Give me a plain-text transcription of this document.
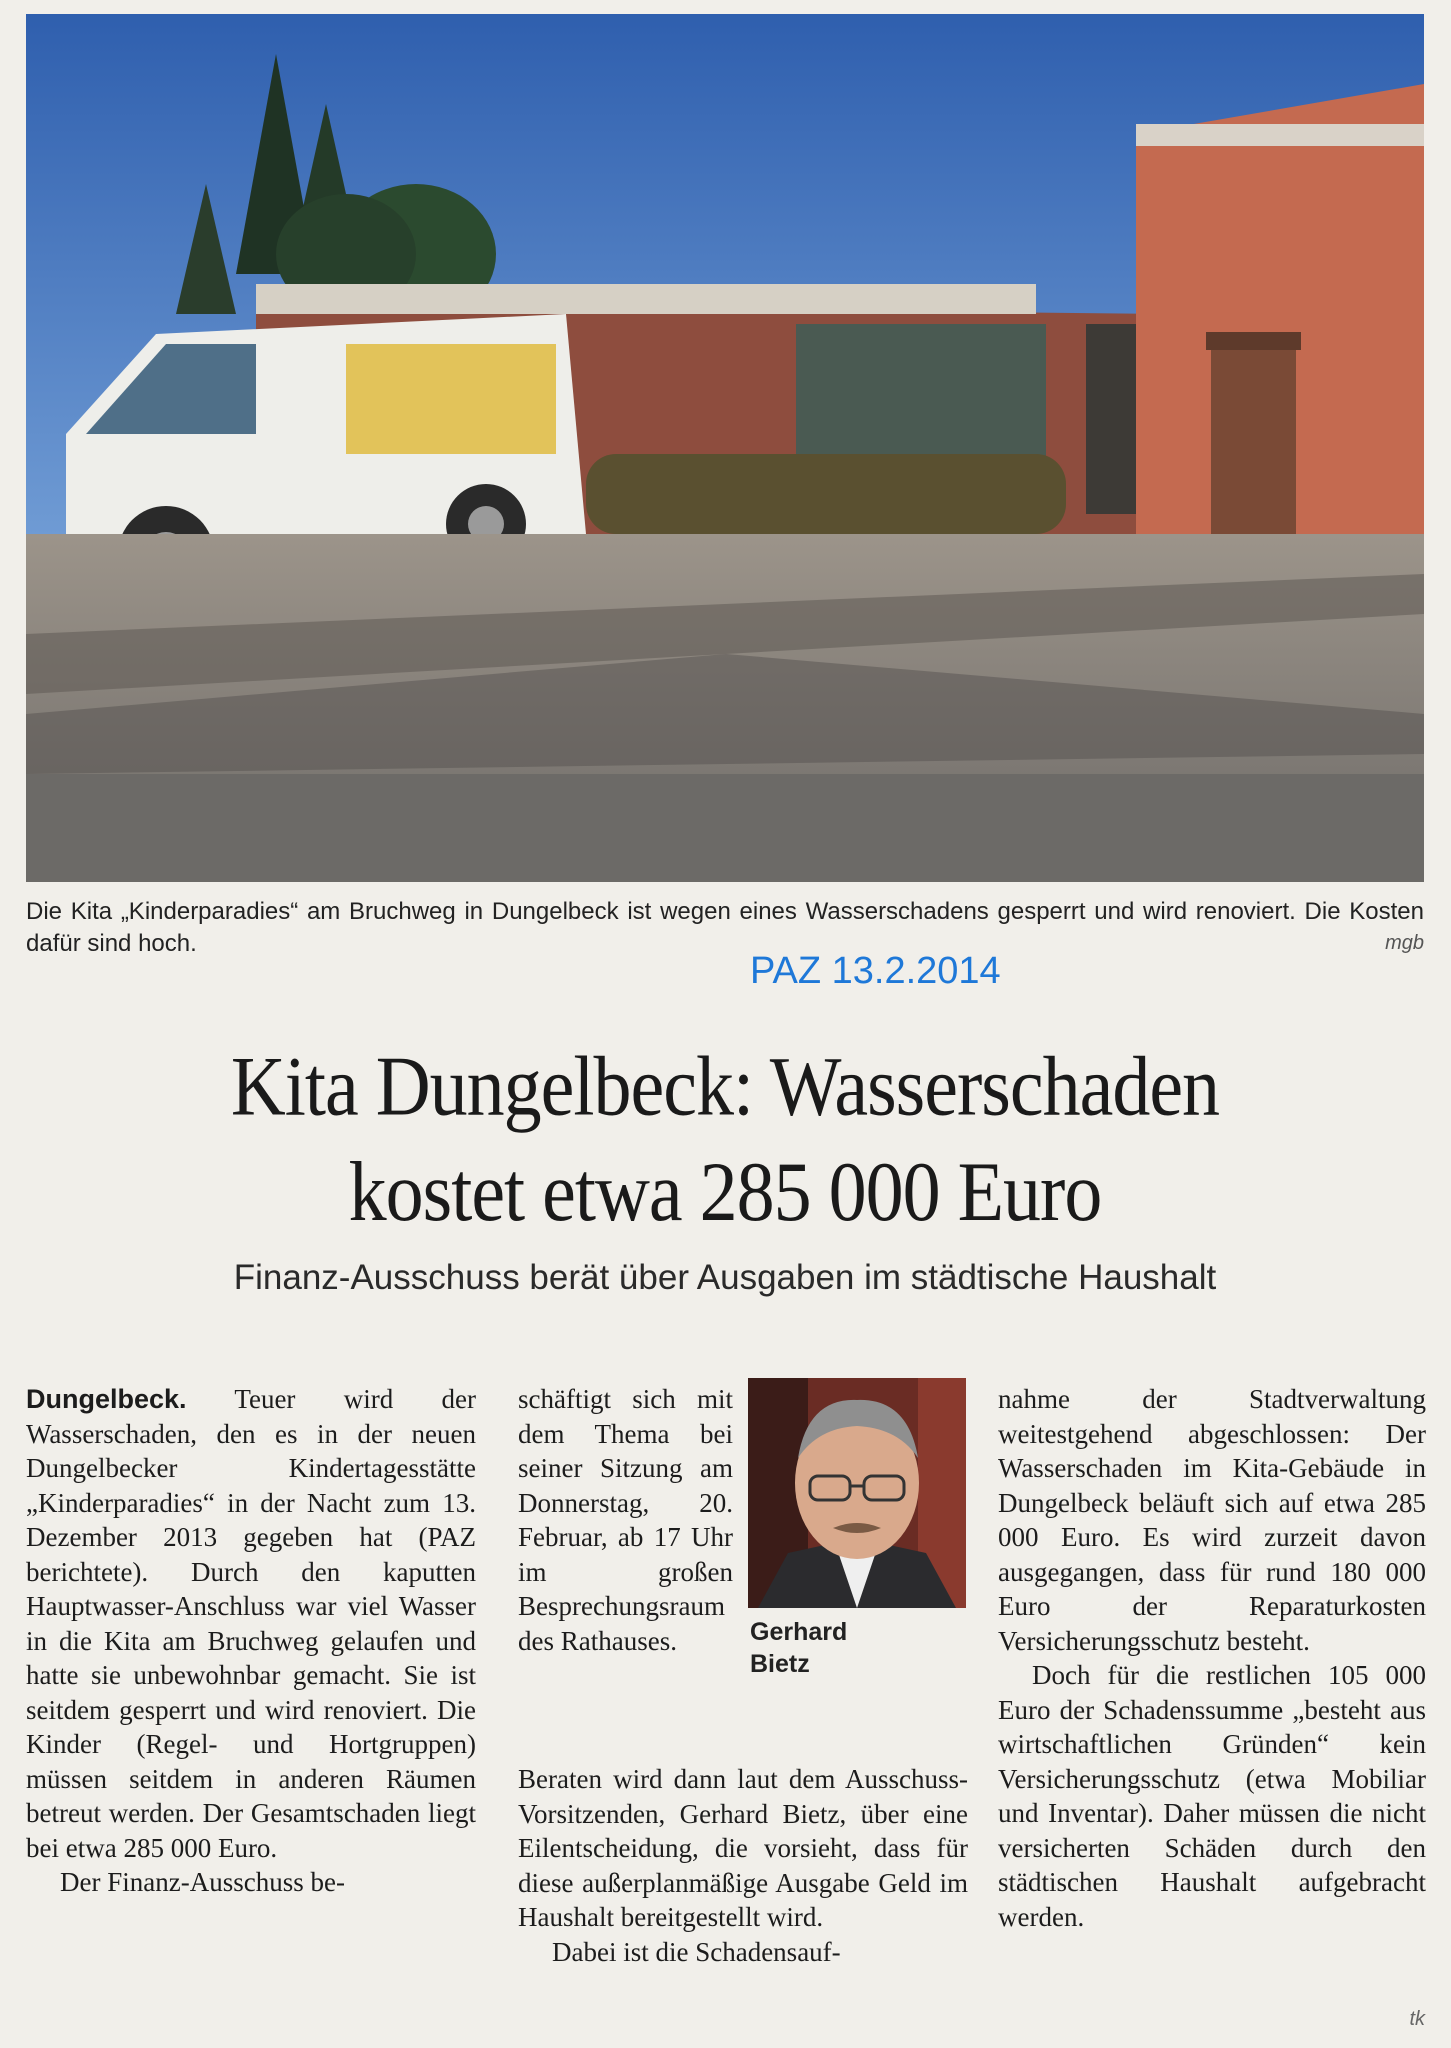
Die Kita „Kinderparadies“ am Bruchweg in Dungelbeck ist wegen eines Wasserschadens gesperrt und wird renoviert. Die Kosten dafür sind hoch.	mgb
PAZ 13.2.2014
Kita Dungelbeck: Wasserschaden
kostet etwa 285 000 Euro
Finanz-Ausschuss berät über Ausgaben im städtische Haushalt

Dungelbeck. Teuer wird der Wasserschaden, den es in der neuen Dungelbecker Kindertagesstätte „Kinderparadies“ in der Nacht zum 13. Dezember 2013 gegeben hat (PAZ berichtete). Durch den kaputten Hauptwasser-Anschluss war viel Wasser in die Kita am Bruchweg gelaufen und hatte sie unbewohnbar gemacht. Sie ist seitdem gesperrt und wird renoviert. Die Kinder (Regel- und Hortgruppen) müssen seitdem in anderen Räumen betreut werden. Der Gesamtschaden liegt bei etwa 285 000 Euro.

Der Finanz-Ausschuss be-

schäftigt sich mit dem Thema bei seiner Sitzung am Donnerstag, 20. Februar, ab 17 Uhr im großen Besprechungsraum des Rathauses.	Gerhard
Bietz

Beraten wird dann laut dem Ausschuss-Vorsitzenden, Gerhard Bietz, über eine Eilentscheidung, die vorsieht, dass für diese außerplanmäßige Ausgabe Geld im Haushalt bereitgestellt wird.

Dabei ist die Schadensauf-

nahme der Stadtverwaltung weitestgehend abgeschlossen: Der Wasserschaden im Kita-Gebäude in Dungelbeck beläuft sich auf etwa 285 000 Euro. Es wird zurzeit davon ausgegangen, dass für rund 180 000 Euro der Reparaturkosten Versicherungsschutz besteht.

Doch für die restlichen 105 000 Euro der Schadenssumme „besteht aus wirtschaftlichen Gründen“ kein Versicherungsschutz (etwa Mobiliar und Inventar). Daher müssen die nicht versicherten Schäden durch den städtischen Haushalt aufgebracht werden.

tk
